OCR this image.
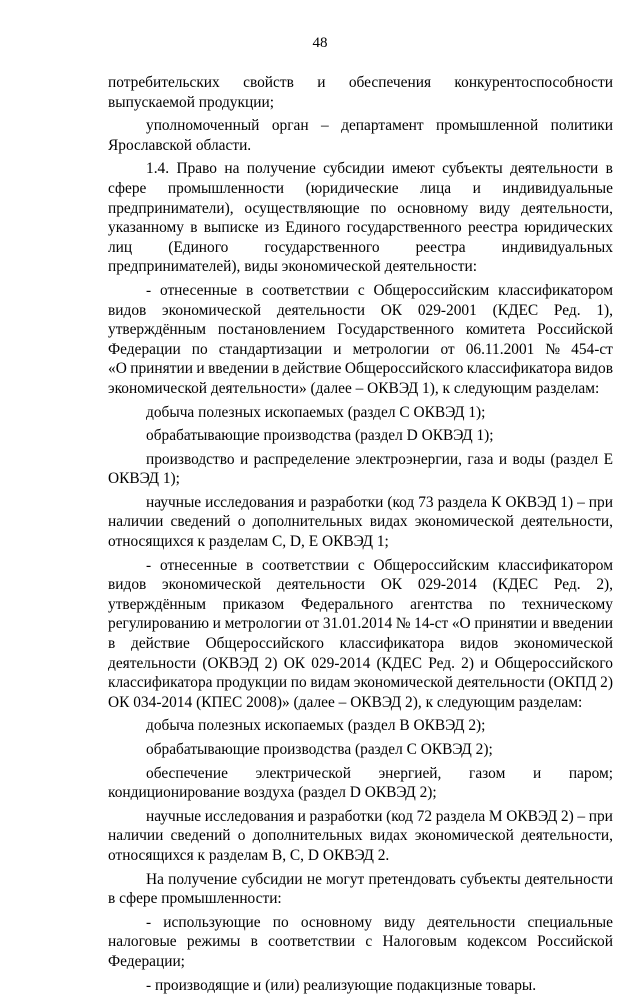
48
потребительских свойств и обеспечения конкурентоспособности
выпускаемой продукции;
уполномоченный орган – департамент промышленной политики
Ярославской области.
1.4. Право на получение субсидии имеют субъекты деятельности в
сфере промышленности (юридические лица и индивидуальные
предприниматели), осуществляющие по основному виду деятельности,
указанному в выписке из Единого государственного реестра юридических
лиц (Единого государственного реестра индивидуальных
предпринимателей), виды экономической деятельности:
- отнесенные в соответствии с Общероссийским классификатором
видов экономической деятельности ОК 029-2001 (КДЕС Ред. 1),
утверждённым постановлением Государственного комитета Российской
Федерации по стандартизации и метрологии от 06.11.2001 № 454-ст
«О принятии и введении в действие Общероссийского классификатора видов
экономической деятельности» (далее – ОКВЭД 1), к следующим разделам:
добыча полезных ископаемых (раздел С ОКВЭД 1);
обрабатывающие производства (раздел D ОКВЭД 1);
производство и распределение электроэнергии, газа и воды (раздел Е
ОКВЭД 1);
научные исследования и разработки (код 73 раздела К ОКВЭД 1) – при
наличии сведений о дополнительных видах экономической деятельности,
относящихся к разделам С, D, E ОКВЭД 1;
- отнесенные в соответствии с Общероссийским классификатором
видов экономической деятельности ОК 029-2014 (КДЕС Ред. 2),
утверждённым приказом Федерального агентства по техническому
регулированию и метрологии от 31.01.2014 № 14-ст «О принятии и введении
в действие Общероссийского классификатора видов экономической
деятельности (ОКВЭД 2) ОК 029-2014 (КДЕС Ред. 2) и Общероссийского
классификатора продукции по видам экономической деятельности (ОКПД 2)
ОК 034-2014 (КПЕС 2008)» (далее – ОКВЭД 2), к следующим разделам:
добыча полезных ископаемых (раздел В ОКВЭД 2);
обрабатывающие производства (раздел С ОКВЭД 2);
обеспечение электрической энергией, газом и паром;
кондиционирование воздуха (раздел D ОКВЭД 2);
научные исследования и разработки (код 72 раздела М ОКВЭД 2) – при
наличии сведений о дополнительных видах экономической деятельности,
относящихся к разделам В, С, D ОКВЭД 2.
На получение субсидии не могут претендовать субъекты деятельности
в сфере промышленности:
- использующие по основному виду деятельности специальные
налоговые режимы в соответствии с Налоговым кодексом Российской
Федерации;
- производящие и (или) реализующие подакцизные товары.
